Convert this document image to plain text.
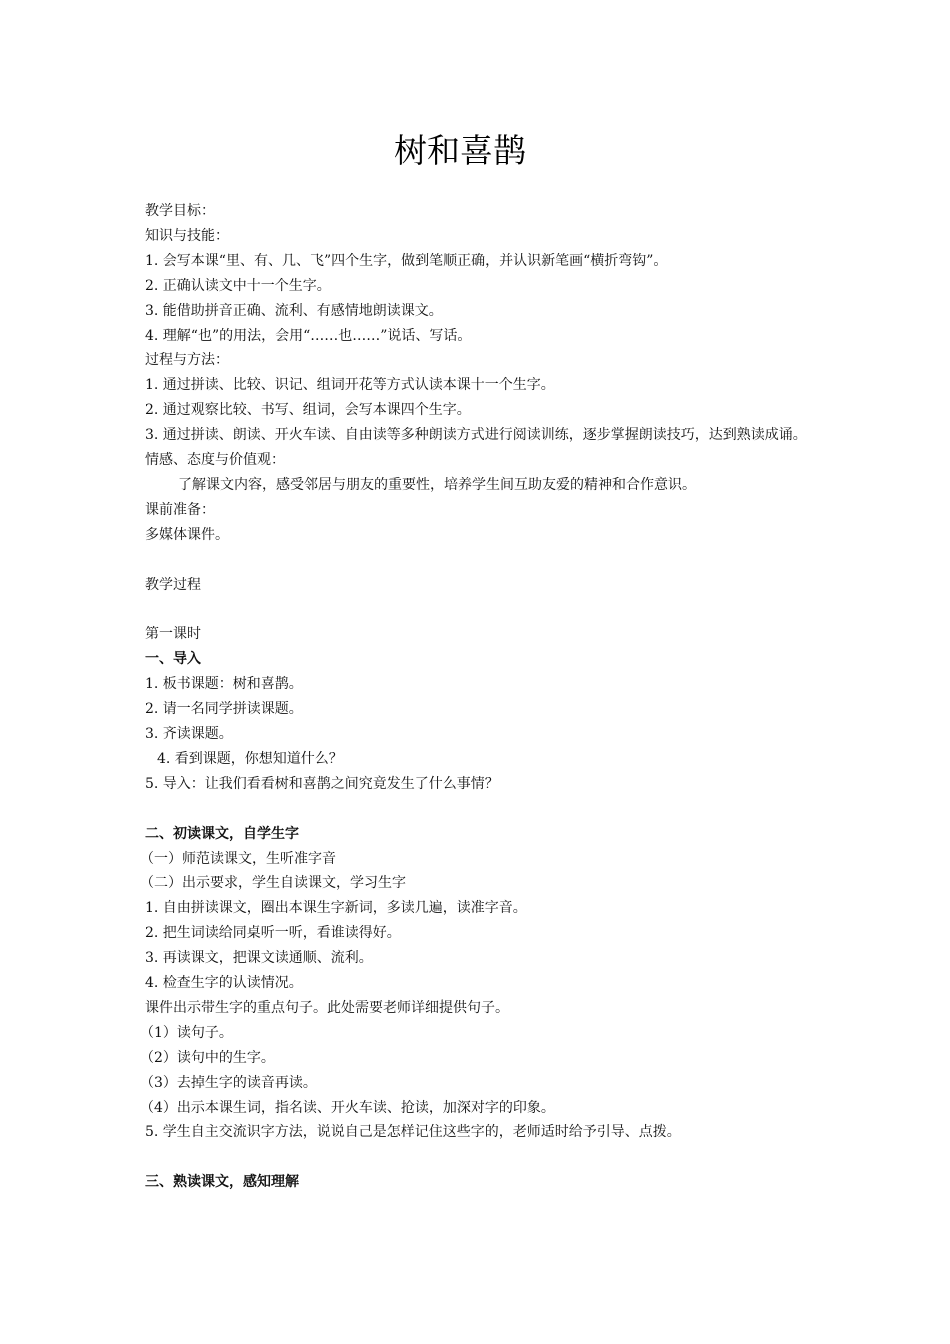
树和喜鹊

教学目标：

知识与技能：

1. 会写本课“里、有、几、飞”四个生字，做到笔顺正确，并认识新笔画“横折弯钩”。

2. 正确认读文中十一个生字。

3. 能借助拼音正确、流利、有感情地朗读课文。

4. 理解“也”的用法，会用“……也……”说话、写话。

过程与方法：

1. 通过拼读、比较、识记、组词开花等方式认读本课十一个生字。

2. 通过观察比较、书写、组词，会写本课四个生字。

3. 通过拼读、朗读、开火车读、自由读等多种朗读方式进行阅读训练，逐步掌握朗读技巧，达到熟读成诵。

情感、态度与价值观：

了解课文内容，感受邻居与朋友的重要性，培养学生间互助友爱的精神和合作意识。

课前准备：

多媒体课件。

教学过程

第一课时

一、导入

1. 板书课题：树和喜鹊。

2. 请一名同学拼读课题。

3. 齐读课题。

4. 看到课题，你想知道什么？

5. 导入：让我们看看树和喜鹊之间究竟发生了什么事情？

二、初读课文，自学生字

（一）师范读课文，生听准字音

（二）出示要求，学生自读课文，学习生字

1. 自由拼读课文，圈出本课生字新词，多读几遍，读准字音。

2. 把生词读给同桌听一听，看谁读得好。

3. 再读课文，把课文读通顺、流利。

4. 检查生字的认读情况。

课件出示带生字的重点句子。此处需要老师详细提供句子。

（1）读句子。

（2）读句中的生字。

（3）去掉生字的读音再读。

（4）出示本课生词，指名读、开火车读、抢读，加深对字的印象。

5. 学生自主交流识字方法，说说自己是怎样记住这些字的，老师适时给予引导、点拨。

三、熟读课文，感知理解
